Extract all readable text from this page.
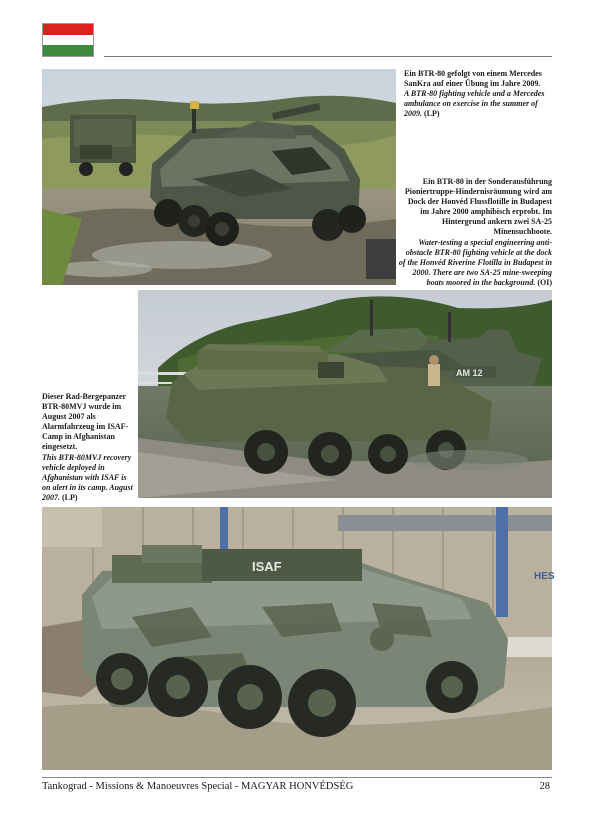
Ein BTR-80 gefolgt von einem Mercedes SanKra auf einer Übung im Jahre 2009.
A BTR-80 fighting vehicle and a Mercedes ambulance on exercise in the summer of 2009. (LP)
Ein BTR-80 in der Sonderausführung Pioniertruppe-Hindernisräumung wird am Dock der Honvéd Flussflotille in Budapest im Jahre 2000 amphibisch erprobt. Im Hintergrund ankern zwei SA-25 Minensuchboote.
Water-testing a special engineering anti-obstacle BTR-80 fighting vehicle at the dock of the Honvéd Riverine Flotilla in Budapest in 2000. There are two SA-25 mine-sweeping boats moored in the background. (OI)
AM 12
Dieser Rad-Bergepanzer BTR-80MVJ wurde im August 2007 als Alarmfahrzeug im ISAF-Camp in Afghanistan eingesetzt.
This BTR-80MVJ recovery vehicle deployed in Afghanistan with ISAF is on alert in its camp. August 2007. (LP)
HES
ISAF
Tankograd - Missions & Manoeuvres Special - MAGYAR HONVÉDSÉG	28
